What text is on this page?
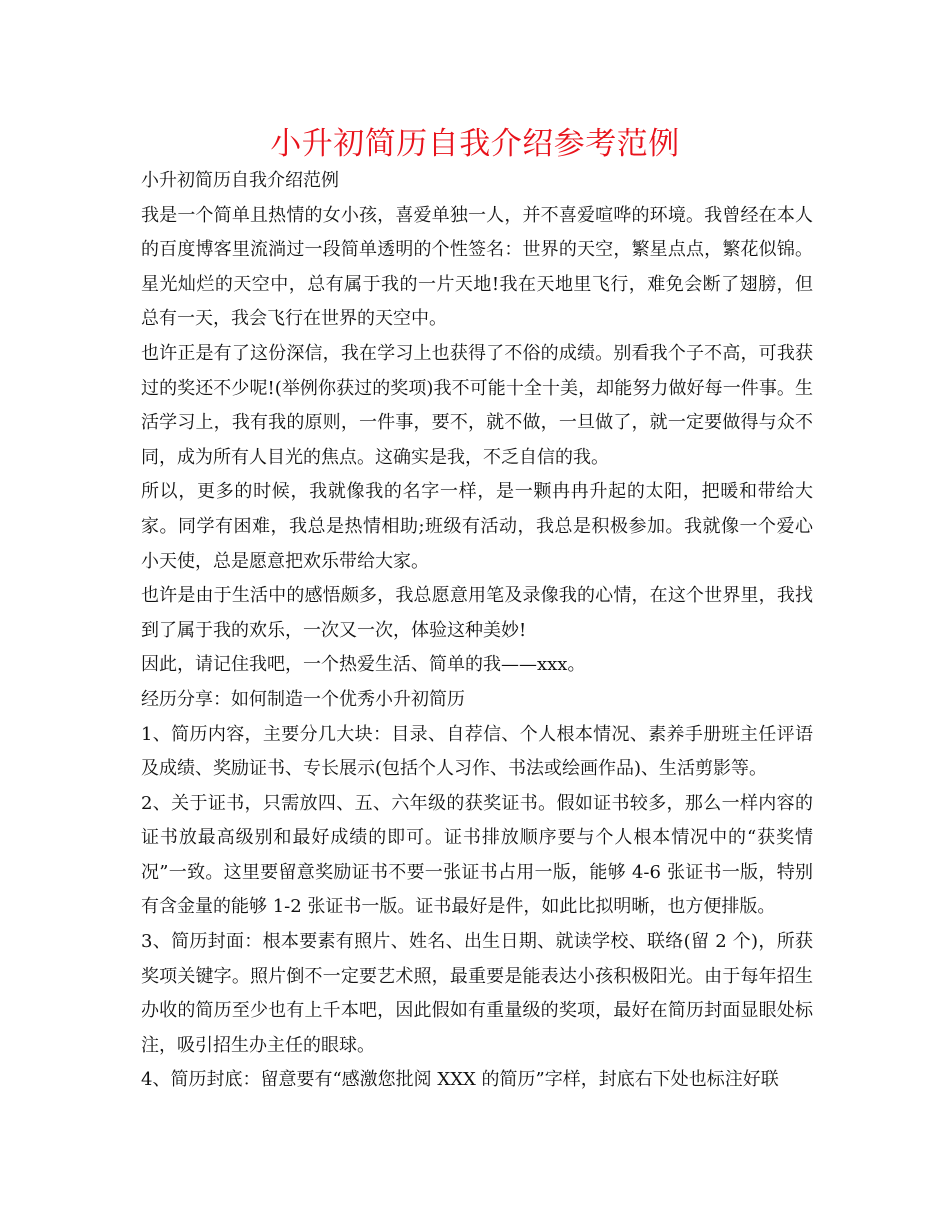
小升初简历自我介绍参考范例

小升初简历自我介绍范例

我是一个简单且热情的女小孩，喜爱单独一人，并不喜爱喧哗的环境。我曾经在本人的百度博客里流淌过一段简单透明的个性签名：世界的天空，繁星点点，繁花似锦。星光灿烂的天空中，总有属于我的一片天地!我在天地里飞行，难免会断了翅膀，但总有一天，我会飞行在世界的天空中。

也许正是有了这份深信，我在学习上也获得了不俗的成绩。别看我个子不高，可我获过的奖还不少呢!(举例你获过的奖项)我不可能十全十美，却能努力做好每一件事。生活学习上，我有我的原则，一件事，要不，就不做，一旦做了，就一定要做得与众不同，成为所有人目光的焦点。这确实是我，不乏自信的我。

所以，更多的时候，我就像我的名字一样，是一颗冉冉升起的太阳，把暖和带给大家。同学有困难，我总是热情相助;班级有活动，我总是积极参加。我就像一个爱心小天使，总是愿意把欢乐带给大家。

也许是由于生活中的感悟颇多，我总愿意用笔及录像我的心情，在这个世界里，我找到了属于我的欢乐，一次又一次，体验这种美妙!

因此，请记住我吧，一个热爱生活、简单的我——xxx。

经历分享：如何制造一个优秀小升初简历

1、简历内容，主要分几大块：目录、自荐信、个人根本情况、素养手册班主任评语及成绩、奖励证书、专长展示(包括个人习作、书法或绘画作品)、生活剪影等。

2、关于证书，只需放四、五、六年级的获奖证书。假如证书较多，那么一样内容的证书放最高级别和最好成绩的即可。证书排放顺序要与个人根本情况中的“获奖情况”一致。这里要留意奖励证书不要一张证书占用一版，能够 4-6 张证书一版，特别有含金量的能够 1-2 张证书一版。证书最好是件，如此比拟明晰，也方便排版。

3、简历封面：根本要素有照片、姓名、出生日期、就读学校、联络(留 2 个)，所获奖项关键字。照片倒不一定要艺术照，最重要是能表达小孩积极阳光。由于每年招生办收的简历至少也有上千本吧，因此假如有重量级的奖项，最好在简历封面显眼处标注，吸引招生办主任的眼球。

4、简历封底：留意要有“感激您批阅 XXX 的简历”字样，封底右下处也标注好联
